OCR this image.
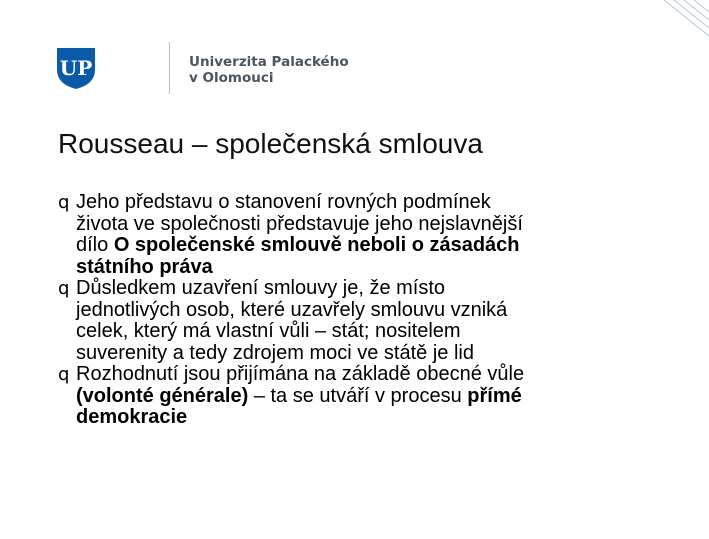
UP	Univerzita Palackého
v Olomouci
Rousseau – společenská smlouva
q Jeho představu o stanovení rovných podmínek
života ve společnosti představuje jeho nejslavnější
dílo O společenské smlouvě neboli o zásadách
státního práva
q Důsledkem uzavření smlouvy je, že místo
jednotlivých osob, které uzavřely smlouvu vzniká
celek, který má vlastní vůli – stát; nositelem
suverenity a tedy zdrojem moci ve státě je lid
q Rozhodnutí jsou přijímána na základě obecné vůle
(volonté générale) – ta se utváří v procesu přímé
demokracie
